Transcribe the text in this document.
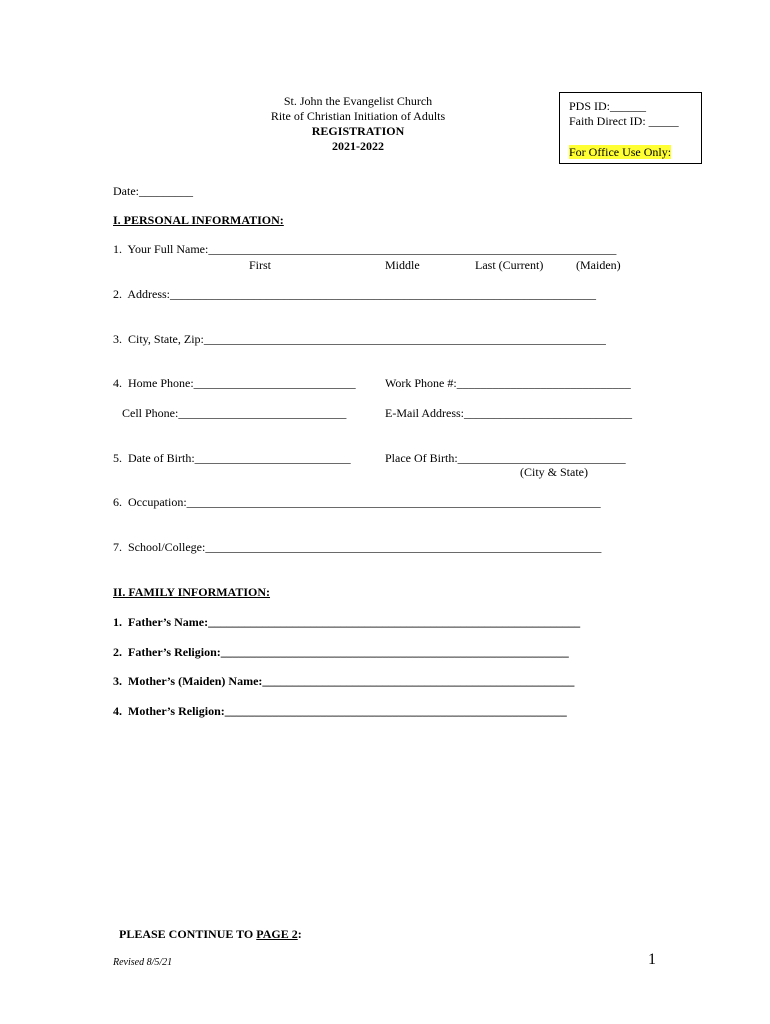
St. John the Evangelist Church
Rite of Christian Initiation of Adults
REGISTRATION
2021-2022
PDS ID:______
Faith Direct ID: _____
For Office Use Only:
Date:_________
I. PERSONAL INFORMATION:
1.  Your Full Name:____________________________________________________________________
First	Middle	Last (Current)	(Maiden)
2.  Address:_______________________________________________________________________
3.  City, State, Zip:___________________________________________________________________
4.  Home Phone:___________________________ Work Phone #:_____________________________
Cell Phone:____________________________	E-Mail Address:____________________________
5.  Date of Birth:__________________________	Place Of Birth:____________________________
(City & State)
6.  Occupation:_____________________________________________________________________
7.  School/College:__________________________________________________________________
II. FAMILY INFORMATION:
1.  Father’s Name:______________________________________________________________
2.  Father’s Religion:__________________________________________________________
3.  Mother’s (Maiden) Name:____________________________________________________
4.  Mother’s Religion:_________________________________________________________

PLEASE CONTINUE TO PAGE 2:

Revised 8/5/21	1
